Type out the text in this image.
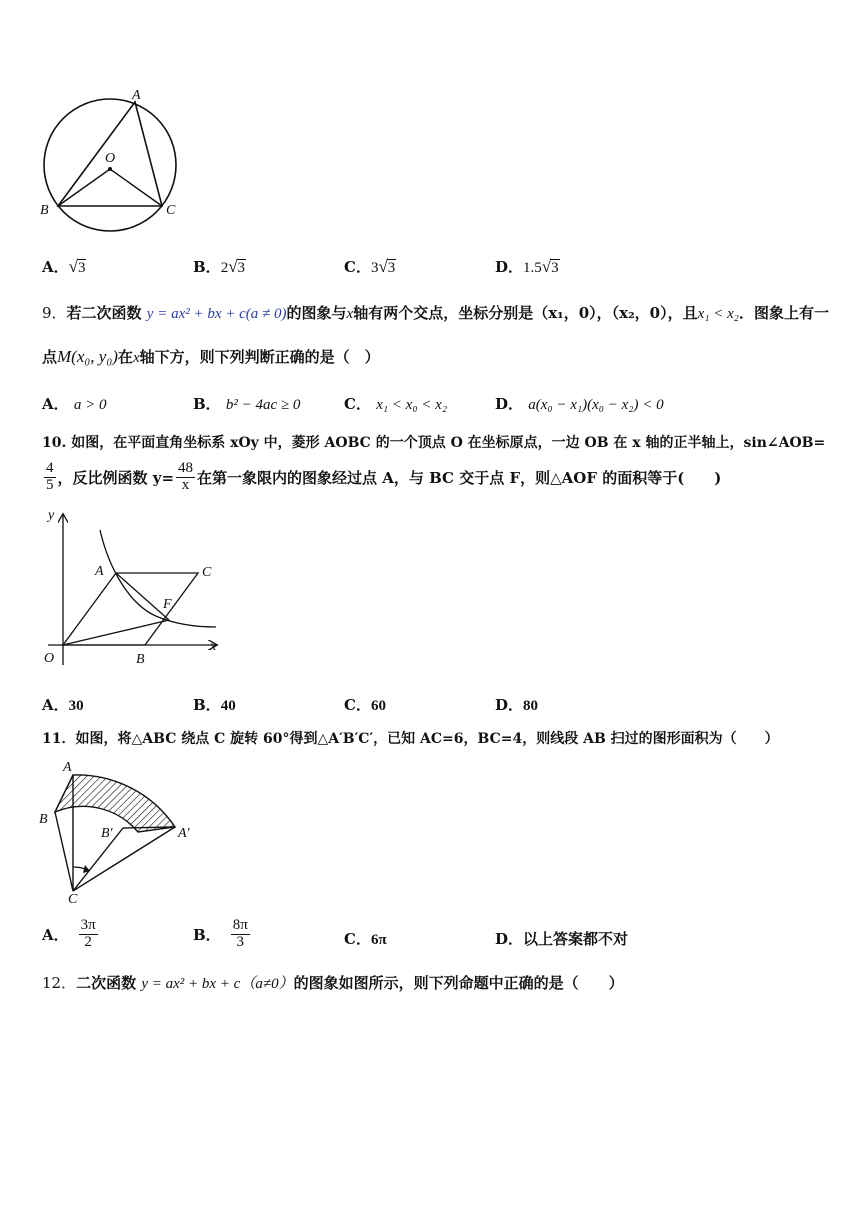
A
O
B	C
A．√3	B．2√3	C．3√3	D．1.5√3
9．若二次函数 y = ax² + bx + c(a ≠ 0)的图象与x轴有两个交点，坐标分别是（x₁，0），（x₂，0），且x₁ < x₂．图象上有一
点M(x₀, y₀)在x轴下方，则下列判断正确的是（　）
A． a > 0	B． b² − 4ac ≥ 0	C． x₁ < x₀ < x₂	D． a(x₀ − x₁)(x₀ − x₂) < 0
10. 如图，在平面直角坐标系 xOy 中，菱形 AOBC 的一个顶点 O 在坐标原点，一边 OB 在 x 轴的正半轴上，sin∠AOB=
$\frac{4}{5}$ ，反比例函数 $y= \frac{48}{x}$ 在第一象限内的图象经过点 A，与 BC 交于点 F，则△AOF 的面积等于(　　)
y
x
O
A	C
F
B
A．30	B．40	C．60	D．80
11．如图，将△ABC 绕点 C 旋转 60°得到△A′B′C′，已知 AC=6，BC=4，则线段 AB 扫过的图形面积为（　　）
A
B
B′	A′
C
A． $\frac{3\pi}{2}$	B． $\frac{8\pi}{3}$	C．6π	D．以上答案都不对
12．二次函数 y = ax² + bx + c（a≠0）的图象如图所示，则下列命题中正确的是（　　）
